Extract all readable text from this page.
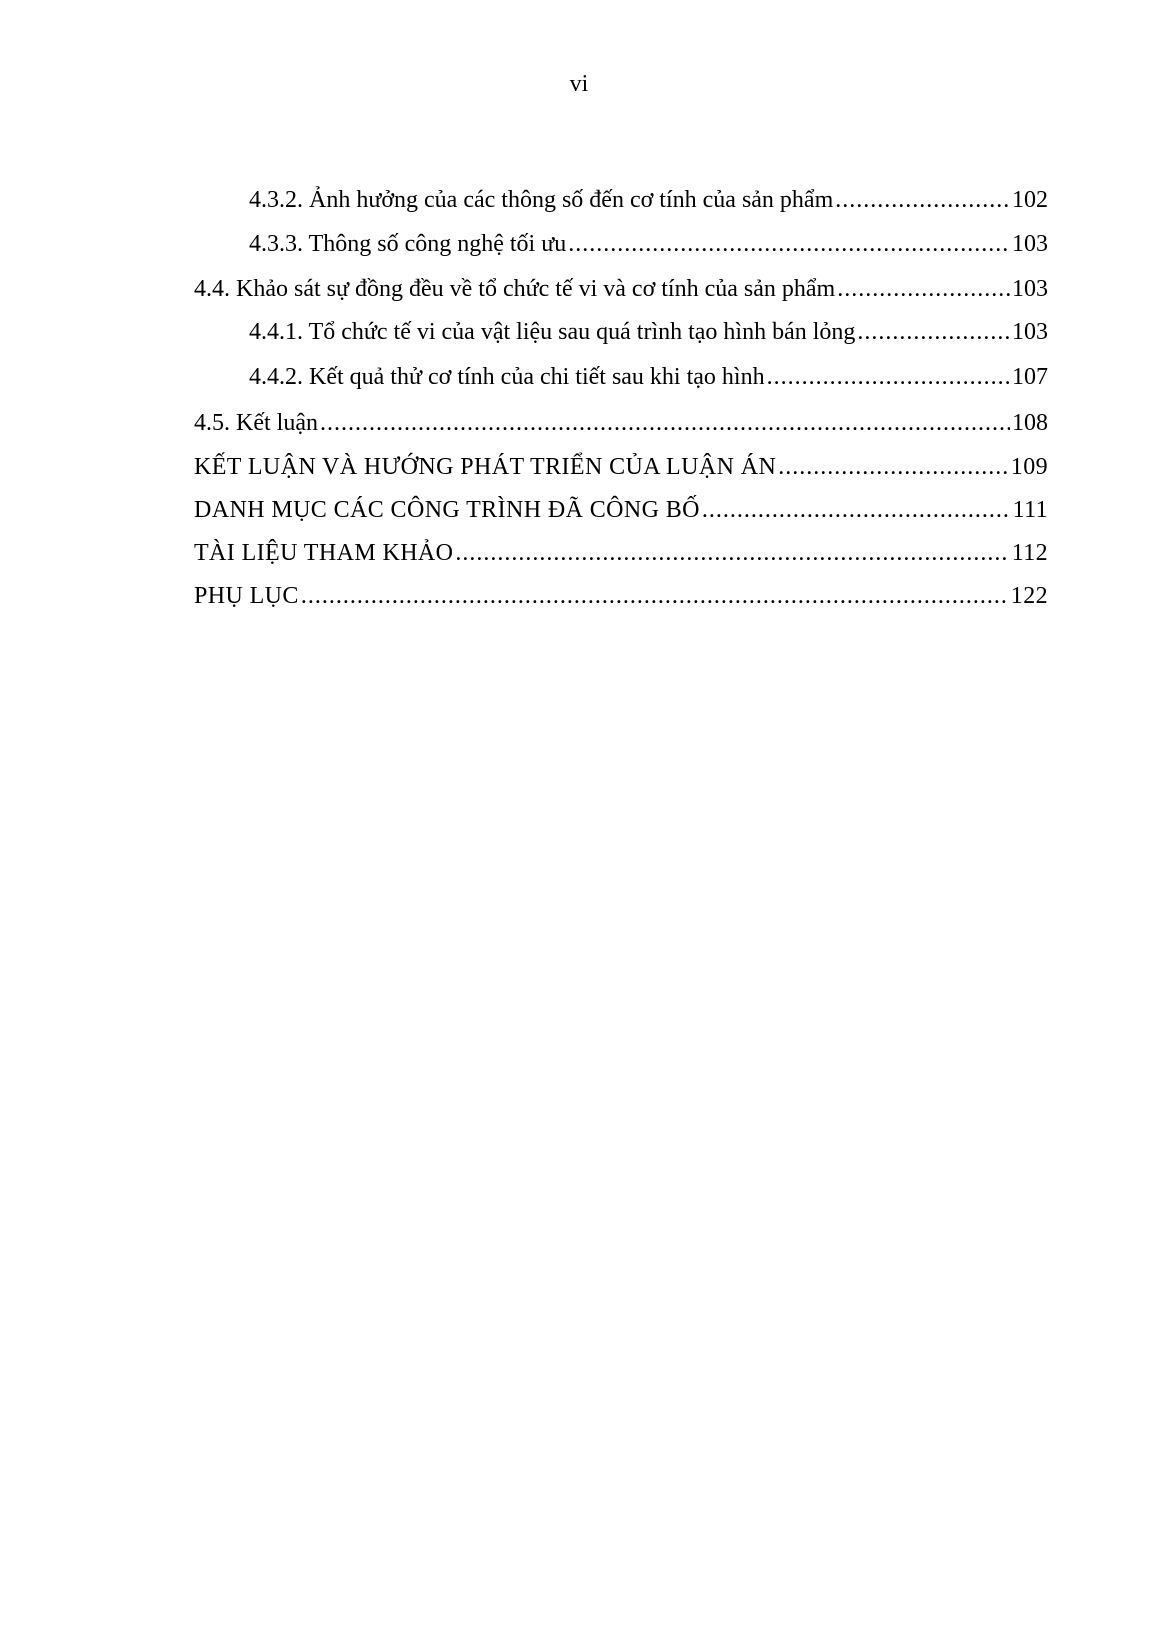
vi
4.3.2. Ảnh hưởng của các thông số đến cơ tính của sản phẩm .....	102
4.3.3. Thông số công nghệ tối ưu .....	103
4.4. Khảo sát sự đồng đều về tổ chức tế vi và cơ tính của sản phẩm .....	103
4.4.1. Tổ chức tế vi của vật liệu sau quá trình tạo hình bán lỏng .....	103
4.4.2. Kết quả thử cơ tính của chi tiết sau khi tạo hình .....	107
4.5. Kết luận .....	108
KẾT LUẬN VÀ HƯỚNG PHÁT TRIỂN CỦA LUẬN ÁN .....	109
DANH MỤC CÁC CÔNG TRÌNH ĐÃ CÔNG BỐ .....	111
TÀI LIỆU THAM KHẢO .....	112
PHỤ LỤC .....	122
